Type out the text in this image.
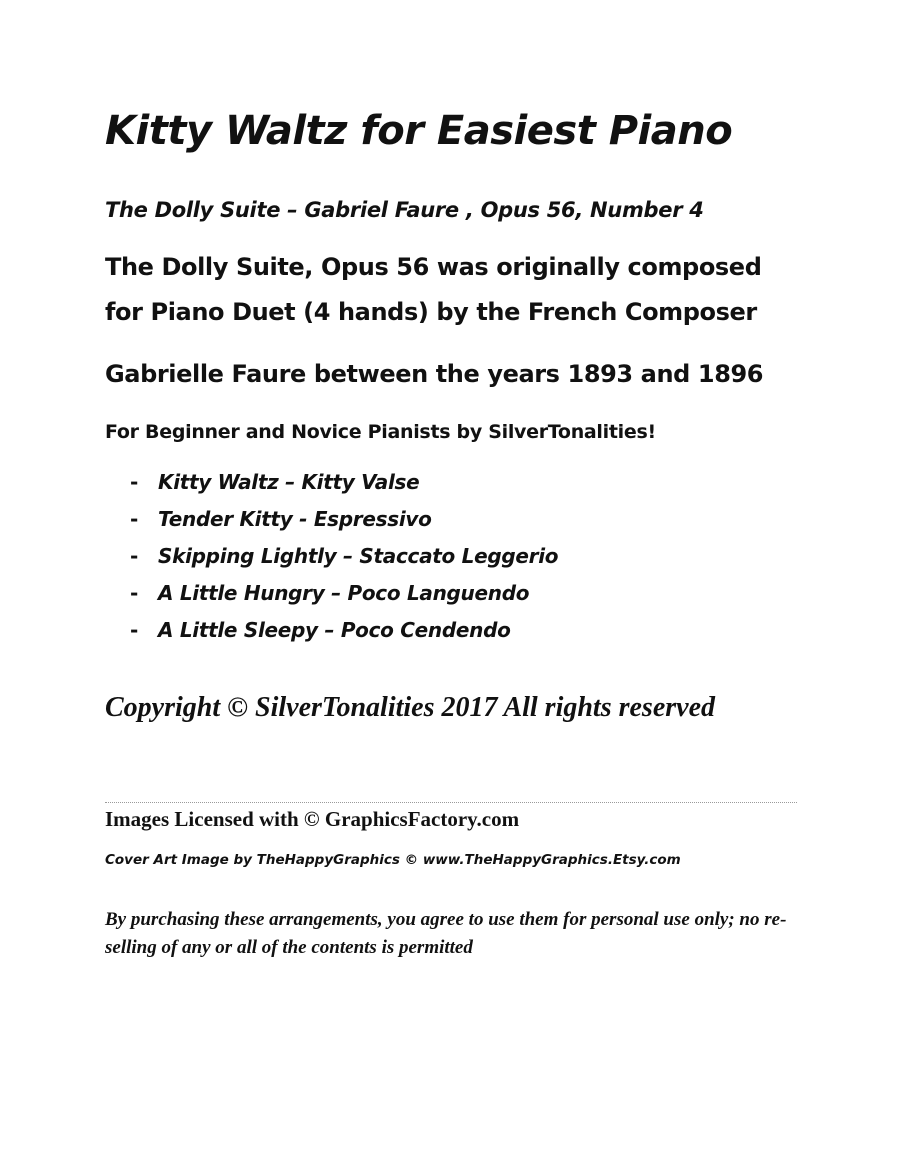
Kitty Waltz for Easiest Piano

The Dolly Suite – Gabriel Faure , Opus 56, Number 4

The Dolly Suite, Opus 56 was originally composed

for Piano Duet (4 hands) by the French Composer

Gabrielle Faure between the years 1893 and 1896

For Beginner and Novice Pianists by SilverTonalities!

- Kitty Waltz – Kitty Valse
- Tender Kitty - Espressivo
- Skipping Lightly – Staccato Leggerio
- A Little Hungry – Poco Languendo
- A Little Sleepy – Poco Cendendo

Copyright © SilverTonalities 2017 All rights reserved

Images Licensed with © GraphicsFactory.com

Cover Art Image by TheHappyGraphics © www.TheHappyGraphics.Etsy.com

By purchasing these arrangements, you agree to use them for personal use only; no re-selling of any or all of the contents is permitted
